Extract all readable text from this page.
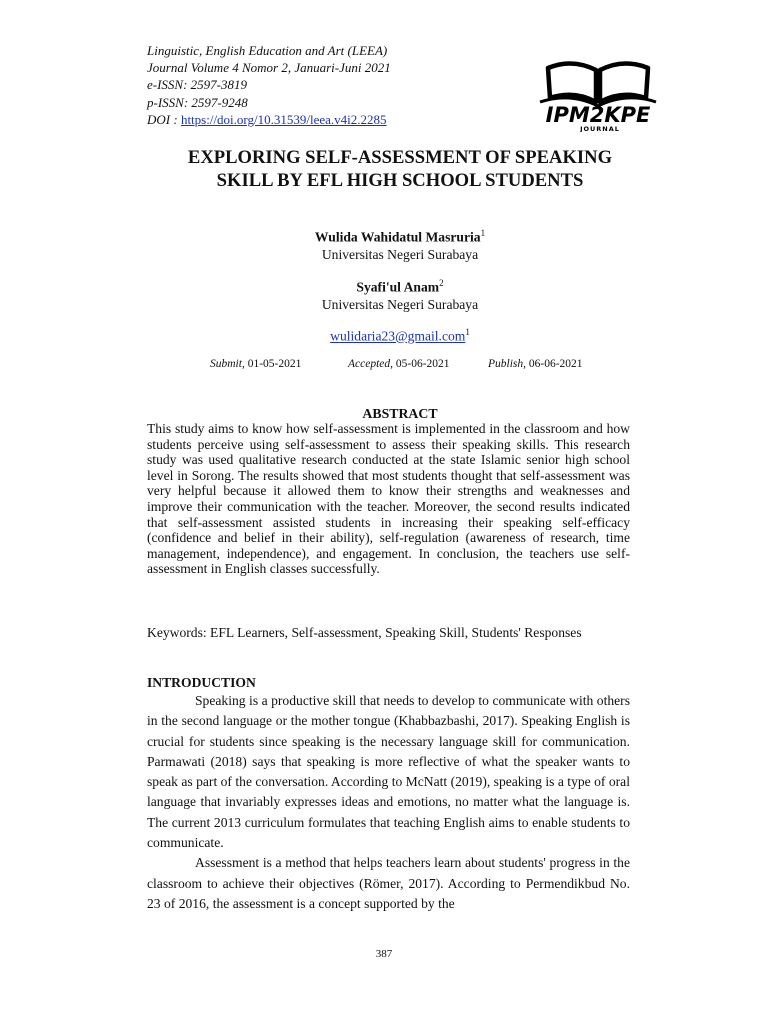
Linguistic, English Education and Art (LEEA)
Journal Volume 4 Nomor 2, Januari-Juni 2021
e-ISSN: 2597-3819
p-ISSN: 2597-9248
DOI : https://doi.org/10.31539/leea.v4i2.2285	IPM2KPE
JOURNAL
EXPLORING SELF-ASSESSMENT OF SPEAKING
SKILL BY EFL HIGH SCHOOL STUDENTS
Wulida Wahidatul Masruria$^1$
Universitas Negeri Surabaya
Syafi'ul Anam$^2$
Universitas Negeri Surabaya
wulidaria23@gmail.com$^1$
Submit, 01-05-2021	Accepted, 05-06-2021	Publish, 06-06-2021
ABSTRACT
This study aims to know how self-assessment is implemented in the classroom and how students perceive using self-assessment to assess their speaking skills. This research study was used qualitative research conducted at the state Islamic senior high school level in Sorong. The results showed that most students thought that self-assessment was very helpful because it allowed them to know their strengths and weaknesses and improve their communication with the teacher. Moreover, the second results indicated that self-assessment assisted students in increasing their speaking self-efficacy (confidence and belief in their ability), self-regulation (awareness of research, time management, independence), and engagement. In conclusion, the teachers use self-assessment in English classes successfully.
Keywords: EFL Learners, Self-assessment, Speaking Skill, Students' Responses
INTRODUCTION

Speaking is a productive skill that needs to develop to communicate with others in the second language or the mother tongue (Khabbazbashi, 2017). Speaking English is crucial for students since speaking is the necessary language skill for communication. Parmawati (2018) says that speaking is more reflective of what the speaker wants to speak as part of the conversation. According to McNatt (2019), speaking is a type of oral language that invariably expresses ideas and emotions, no matter what the language is. The current 2013 curriculum formulates that teaching English aims to enable students to communicate.

Assessment is a method that helps teachers learn about students' progress in the classroom to achieve their objectives (Römer, 2017). According to Permendikbud No. 23 of 2016, the assessment is a concept supported by the

387
